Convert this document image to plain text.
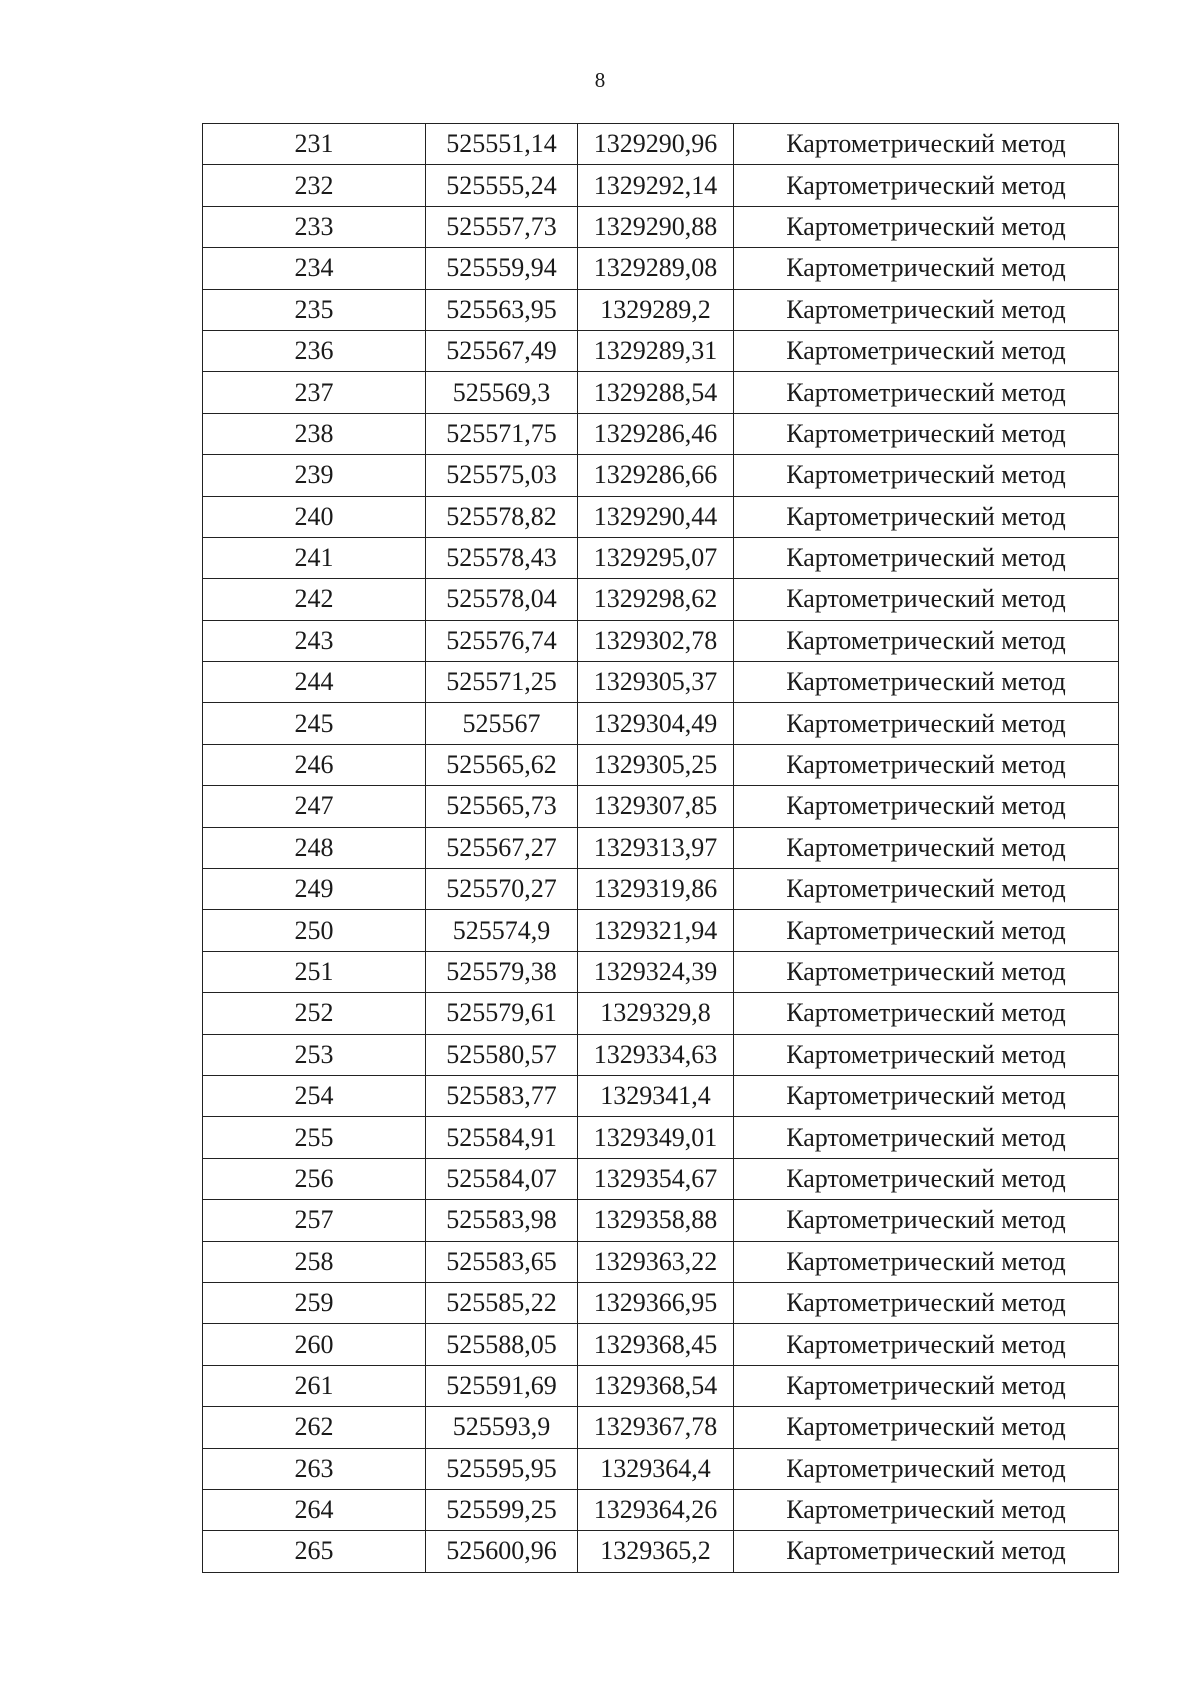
8
231	525551,14	1329290,96	Картометрический метод
232	525555,24	1329292,14	Картометрический метод
233	525557,73	1329290,88	Картометрический метод
234	525559,94	1329289,08	Картометрический метод
235	525563,95	1329289,2	Картометрический метод
236	525567,49	1329289,31	Картометрический метод
237	525569,3	1329288,54	Картометрический метод
238	525571,75	1329286,46	Картометрический метод
239	525575,03	1329286,66	Картометрический метод
240	525578,82	1329290,44	Картометрический метод
241	525578,43	1329295,07	Картометрический метод
242	525578,04	1329298,62	Картометрический метод
243	525576,74	1329302,78	Картометрический метод
244	525571,25	1329305,37	Картометрический метод
245	525567	1329304,49	Картометрический метод
246	525565,62	1329305,25	Картометрический метод
247	525565,73	1329307,85	Картометрический метод
248	525567,27	1329313,97	Картометрический метод
249	525570,27	1329319,86	Картометрический метод
250	525574,9	1329321,94	Картометрический метод
251	525579,38	1329324,39	Картометрический метод
252	525579,61	1329329,8	Картометрический метод
253	525580,57	1329334,63	Картометрический метод
254	525583,77	1329341,4	Картометрический метод
255	525584,91	1329349,01	Картометрический метод
256	525584,07	1329354,67	Картометрический метод
257	525583,98	1329358,88	Картометрический метод
258	525583,65	1329363,22	Картометрический метод
259	525585,22	1329366,95	Картометрический метод
260	525588,05	1329368,45	Картометрический метод
261	525591,69	1329368,54	Картометрический метод
262	525593,9	1329367,78	Картометрический метод
263	525595,95	1329364,4	Картометрический метод
264	525599,25	1329364,26	Картометрический метод
265	525600,96	1329365,2	Картометрический метод
